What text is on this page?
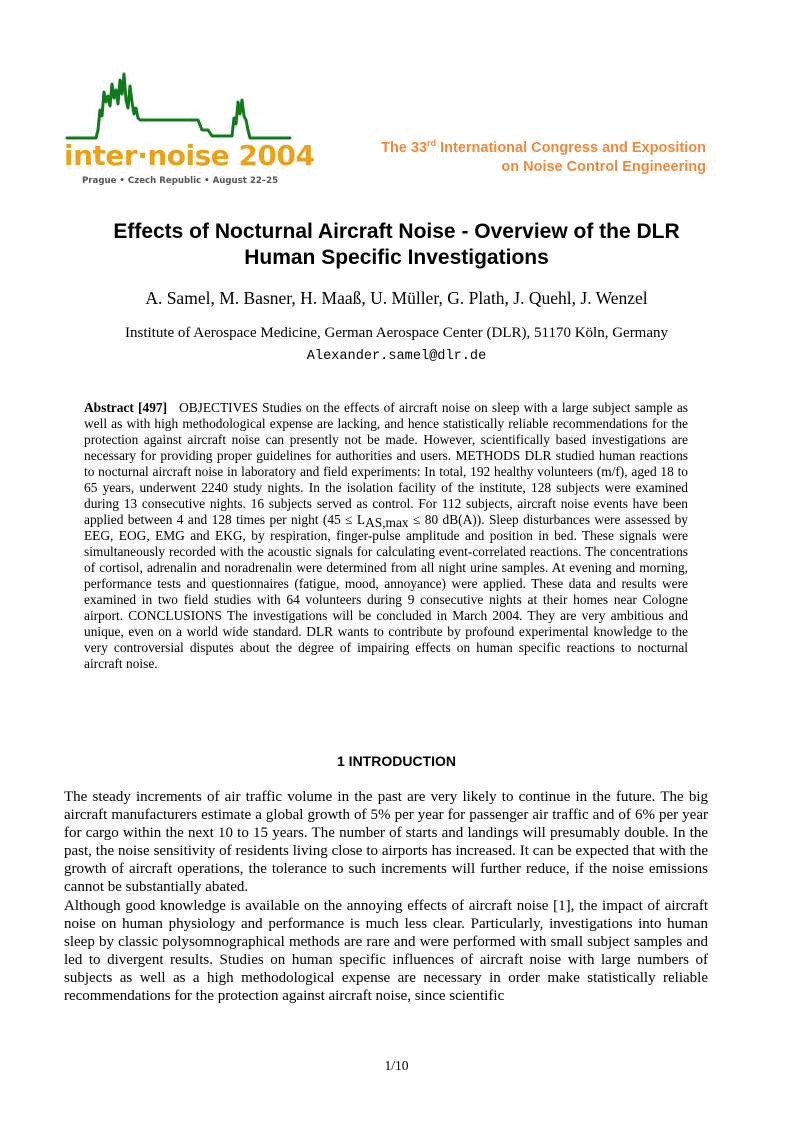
inter·noise 2004
Prague • Czech Republic • August 22–25
The 33rd International Congress and Exposition
on Noise Control Engineering
Effects of Nocturnal Aircraft Noise - Overview of the DLR
Human Specific Investigations
A. Samel, M. Basner, H. Maaß, U. Müller, G. Plath, J. Quehl, J. Wenzel
Institute of Aerospace Medicine, German Aerospace Center (DLR), 51170 Köln, Germany
Alexander.samel@dlr.de
Abstract [497] OBJECTIVES Studies on the effects of aircraft noise on sleep with a large subject sample as well as with high methodological expense are lacking, and hence statistically reliable recommendations for the protection against aircraft noise can presently not be made. However, scientifically based investigations are necessary for providing proper guidelines for authorities and users. METHODS DLR studied human reactions to nocturnal aircraft noise in laboratory and field experiments: In total, 192 healthy volunteers (m/f), aged 18 to 65 years, underwent 2240 study nights. In the isolation facility of the institute, 128 subjects were examined during 13 consecutive nights. 16 subjects served as control. For 112 subjects, aircraft noise events have been applied between 4 and 128 times per night ($45 \le L_{AS,max} \le 80$ dB(A)). Sleep disturbances were assessed by EEG, EOG, EMG and EKG, by respiration, finger-pulse amplitude and position in bed. These signals were simultaneously recorded with the acoustic signals for calculating event-correlated reactions. The concentrations of cortisol, adrenalin and noradrenalin were determined from all night urine samples. At evening and morning, performance tests and questionnaires (fatigue, mood, annoyance) were applied. These data and results were examined in two field studies with 64 volunteers during 9 consecutive nights at their homes near Cologne airport. CONCLUSIONS The investigations will be concluded in March 2004. They are very ambitious and unique, even on a world wide standard. DLR wants to contribute by profound experimental knowledge to the very controversial disputes about the degree of impairing effects on human specific reactions to nocturnal aircraft noise.
1 INTRODUCTION

The steady increments of air traffic volume in the past are very likely to continue in the future. The big aircraft manufacturers estimate a global growth of 5% per year for passenger air traffic and of 6% per year for cargo within the next 10 to 15 years. The number of starts and landings will presumably double. In the past, the noise sensitivity of residents living close to airports has increased. It can be expected that with the growth of aircraft operations, the tolerance to such increments will further reduce, if the noise emissions cannot be substantially abated.

Although good knowledge is available on the annoying effects of aircraft noise [1], the impact of aircraft noise on human physiology and performance is much less clear. Particularly, investigations into human sleep by classic polysomnographical methods are rare and were performed with small subject samples and led to divergent results. Studies on human specific influences of aircraft noise with large numbers of subjects as well as a high methodological expense are necessary in order make statistically reliable recommendations for the protection against aircraft noise, since scientific

1/10
